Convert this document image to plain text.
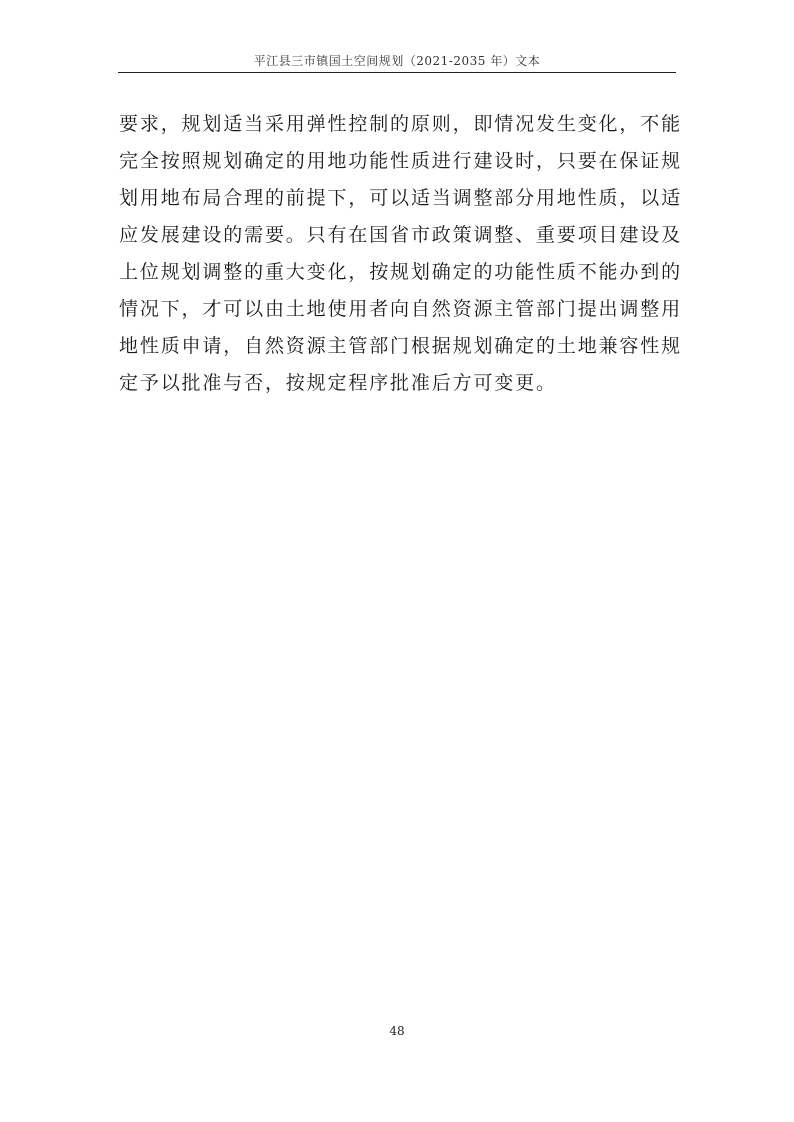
平江县三市镇国土空间规划（2021-2035 年）文本
要求，规划适当采用弹性控制的原则，即情况发生变化，不能
完全按照规划确定的用地功能性质进行建设时，只要在保证规
划用地布局合理的前提下，可以适当调整部分用地性质，以适
应发展建设的需要。只有在国省市政策调整、重要项目建设及
上位规划调整的重大变化，按规划确定的功能性质不能办到的
情况下，才可以由土地使用者向自然资源主管部门提出调整用
地性质申请，自然资源主管部门根据规划确定的土地兼容性规
定予以批准与否，按规定程序批准后方可变更。
48
